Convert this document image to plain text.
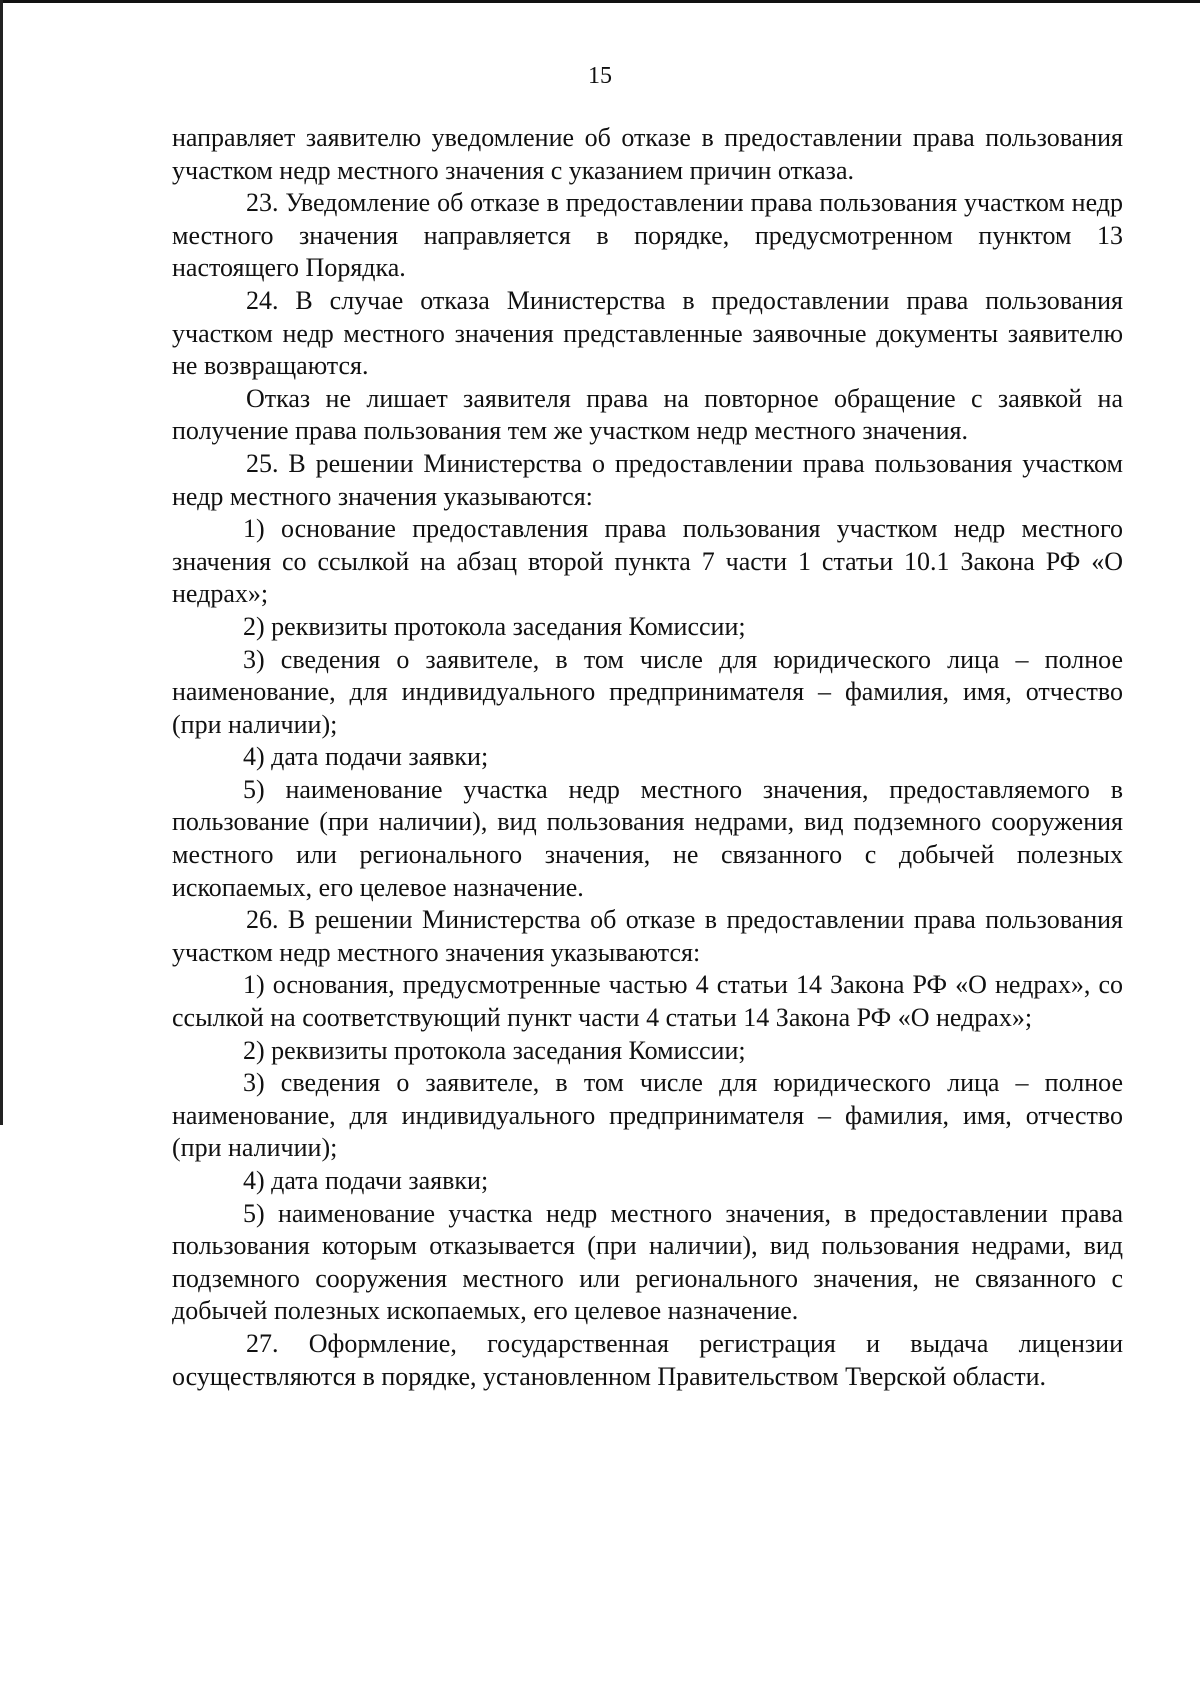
15

направляет заявителю уведомление об отказе в предоставлении права пользования участком недр местного значения с указанием причин отказа.

23. Уведомление об отказе в предоставлении права пользования участком недр местного значения направляется в порядке, предусмотренном пунктом 13 настоящего Порядка.

24. В случае отказа Министерства в предоставлении права пользования участком недр местного значения представленные заявочные документы заявителю не возвращаются.

Отказ не лишает заявителя права на повторное обращение с заявкой на получение права пользования тем же участком недр местного значения.

25. В решении Министерства о предоставлении права пользования участком недр местного значения указываются:

1) основание предоставления права пользования участком недр местного значения со ссылкой на абзац второй пункта 7 части 1 статьи 10.1 Закона РФ «О недрах»;

2) реквизиты протокола заседания Комиссии;

3) сведения о заявителе, в том числе для юридического лица – полное наименование, для индивидуального предпринимателя – фамилия, имя, отчество (при наличии);

4) дата подачи заявки;

5) наименование участка недр местного значения, предоставляемого в пользование (при наличии), вид пользования недрами, вид подземного сооружения местного или регионального значения, не связанного с добычей полезных ископаемых, его целевое назначение.

26. В решении Министерства об отказе в предоставлении права пользования участком недр местного значения указываются:

1) основания, предусмотренные частью 4 статьи 14 Закона РФ «О недрах», со ссылкой на соответствующий пункт части 4 статьи 14 Закона РФ «О недрах»;

2) реквизиты протокола заседания Комиссии;

3) сведения о заявителе, в том числе для юридического лица – полное наименование, для индивидуального предпринимателя – фамилия, имя, отчество (при наличии);

4) дата подачи заявки;

5) наименование участка недр местного значения, в предоставлении права пользования которым отказывается (при наличии), вид пользования недрами, вид подземного сооружения местного или регионального значения, не связанного с добычей полезных ископаемых, его целевое назначение.

27. Оформление, государственная регистрация и выдача лицензии осуществляются в порядке, установленном Правительством Тверской области.
